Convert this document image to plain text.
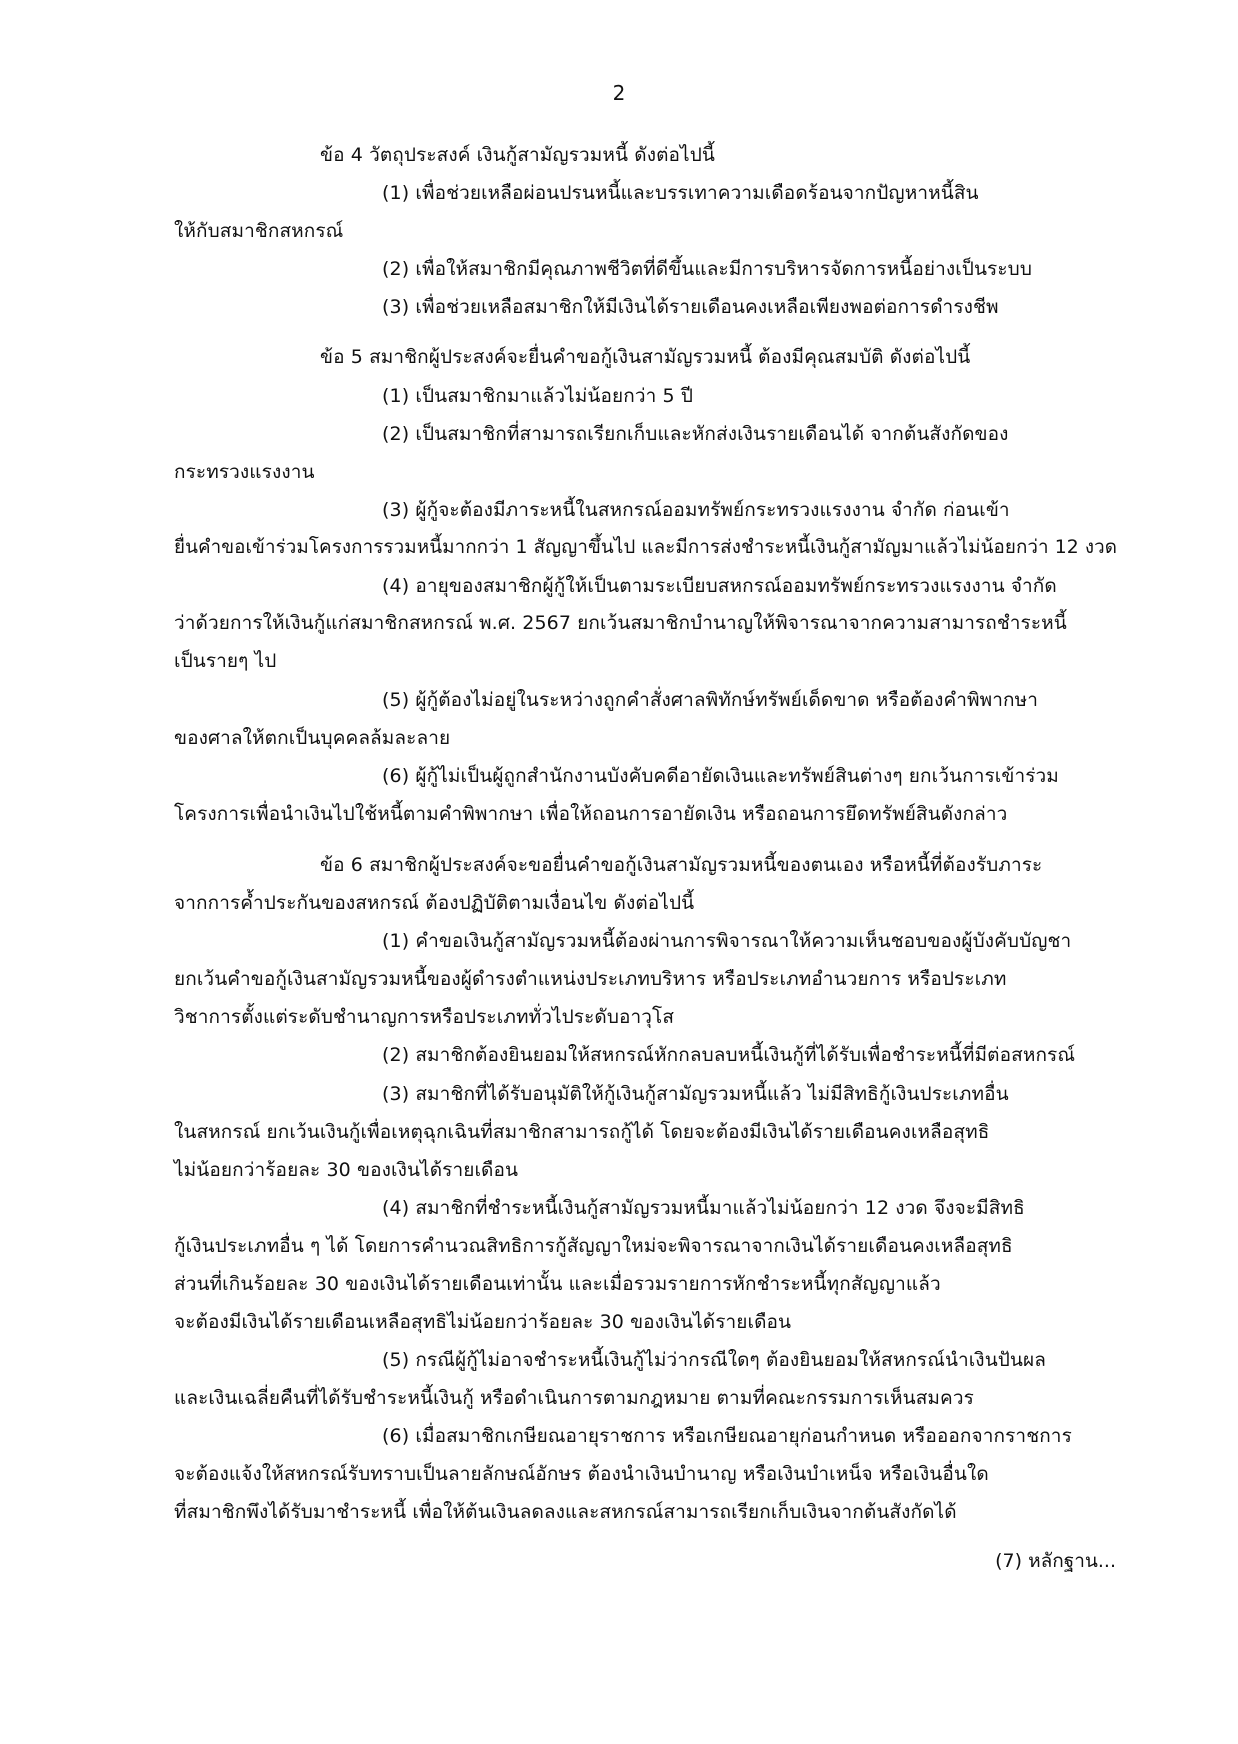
2
ข้อ 4 วัตถุประสงค์ เงินกู้สามัญรวมหนี้ ดังต่อไปนี้
(1) เพื่อช่วยเหลือผ่อนปรนหนี้และบรรเทาความเดือดร้อนจากปัญหาหนี้สิน
ให้กับสมาชิกสหกรณ์
(2) เพื่อให้สมาชิกมีคุณภาพชีวิตที่ดีขึ้นและมีการบริหารจัดการหนี้อย่างเป็นระบบ
(3) เพื่อช่วยเหลือสมาชิกให้มีเงินได้รายเดือนคงเหลือเพียงพอต่อการดำรงชีพ
ข้อ 5 สมาชิกผู้ประสงค์จะยื่นคำขอกู้เงินสามัญรวมหนี้ ต้องมีคุณสมบัติ ดังต่อไปนี้
(1) เป็นสมาชิกมาแล้วไม่น้อยกว่า 5 ปี
(2) เป็นสมาชิกที่สามารถเรียกเก็บและหักส่งเงินรายเดือนได้ จากต้นสังกัดของ
กระทรวงแรงงาน
(3) ผู้กู้จะต้องมีภาระหนี้ในสหกรณ์ออมทรัพย์กระทรวงแรงงาน จำกัด ก่อนเข้า
ยื่นคำขอเข้าร่วมโครงการรวมหนี้มากกว่า 1 สัญญาขึ้นไป และมีการส่งชำระหนี้เงินกู้สามัญมาแล้วไม่น้อยกว่า 12 งวด
(4) อายุของสมาชิกผู้กู้ให้เป็นตามระเบียบสหกรณ์ออมทรัพย์กระทรวงแรงงาน จำกัด
ว่าด้วยการให้เงินกู้แก่สมาชิกสหกรณ์ พ.ศ. 2567 ยกเว้นสมาชิกบำนาญให้พิจารณาจากความสามารถชำระหนี้
เป็นรายๆ ไป
(5) ผู้กู้ต้องไม่อยู่ในระหว่างถูกคำสั่งศาลพิทักษ์ทรัพย์เด็ดขาด หรือต้องคำพิพากษา
ของศาลให้ตกเป็นบุคคลล้มละลาย
(6) ผู้กู้ไม่เป็นผู้ถูกสำนักงานบังคับคดีอายัดเงินและทรัพย์สินต่างๆ ยกเว้นการเข้าร่วม
โครงการเพื่อนำเงินไปใช้หนี้ตามคำพิพากษา เพื่อให้ถอนการอายัดเงิน หรือถอนการยึดทรัพย์สินดังกล่าว
ข้อ 6 สมาชิกผู้ประสงค์จะขอยื่นคำขอกู้เงินสามัญรวมหนี้ของตนเอง หรือหนี้ที่ต้องรับภาระ
จากการค้ำประกันของสหกรณ์ ต้องปฏิบัติตามเงื่อนไข ดังต่อไปนี้
(1) คำขอเงินกู้สามัญรวมหนี้ต้องผ่านการพิจารณาให้ความเห็นชอบของผู้บังคับบัญชา
ยกเว้นคำขอกู้เงินสามัญรวมหนี้ของผู้ดำรงตำแหน่งประเภทบริหาร หรือประเภทอำนวยการ หรือประเภท
วิชาการตั้งแต่ระดับชำนาญการหรือประเภททั่วไประดับอาวุโส
(2) สมาชิกต้องยินยอมให้สหกรณ์หักกลบลบหนี้เงินกู้ที่ได้รับเพื่อชำระหนี้ที่มีต่อสหกรณ์
(3) สมาชิกที่ได้รับอนุมัติให้กู้เงินกู้สามัญรวมหนี้แล้ว ไม่มีสิทธิกู้เงินประเภทอื่น
ในสหกรณ์ ยกเว้นเงินกู้เพื่อเหตุฉุกเฉินที่สมาชิกสามารถกู้ได้ โดยจะต้องมีเงินได้รายเดือนคงเหลือสุทธิ
ไม่น้อยกว่าร้อยละ 30 ของเงินได้รายเดือน
(4) สมาชิกที่ชำระหนี้เงินกู้สามัญรวมหนี้มาแล้วไม่น้อยกว่า 12 งวด จึงจะมีสิทธิ
กู้เงินประเภทอื่น ๆ ได้ โดยการคำนวณสิทธิการกู้สัญญาใหม่จะพิจารณาจากเงินได้รายเดือนคงเหลือสุทธิ
ส่วนที่เกินร้อยละ 30 ของเงินได้รายเดือนเท่านั้น และเมื่อรวมรายการหักชำระหนี้ทุกสัญญาแล้ว
จะต้องมีเงินได้รายเดือนเหลือสุทธิไม่น้อยกว่าร้อยละ 30 ของเงินได้รายเดือน
(5) กรณีผู้กู้ไม่อาจชำระหนี้เงินกู้ไม่ว่ากรณีใดๆ ต้องยินยอมให้สหกรณ์นำเงินปันผล
และเงินเฉลี่ยคืนที่ได้รับชำระหนี้เงินกู้ หรือดำเนินการตามกฎหมาย ตามที่คณะกรรมการเห็นสมควร
(6) เมื่อสมาชิกเกษียณอายุราชการ หรือเกษียณอายุก่อนกำหนด หรือออกจากราชการ
จะต้องแจ้งให้สหกรณ์รับทราบเป็นลายลักษณ์อักษร ต้องนำเงินบำนาญ หรือเงินบำเหน็จ หรือเงินอื่นใด
ที่สมาชิกพึงได้รับมาชำระหนี้ เพื่อให้ต้นเงินลดลงและสหกรณ์สามารถเรียกเก็บเงินจากต้นสังกัดได้
(7) หลักฐาน...
